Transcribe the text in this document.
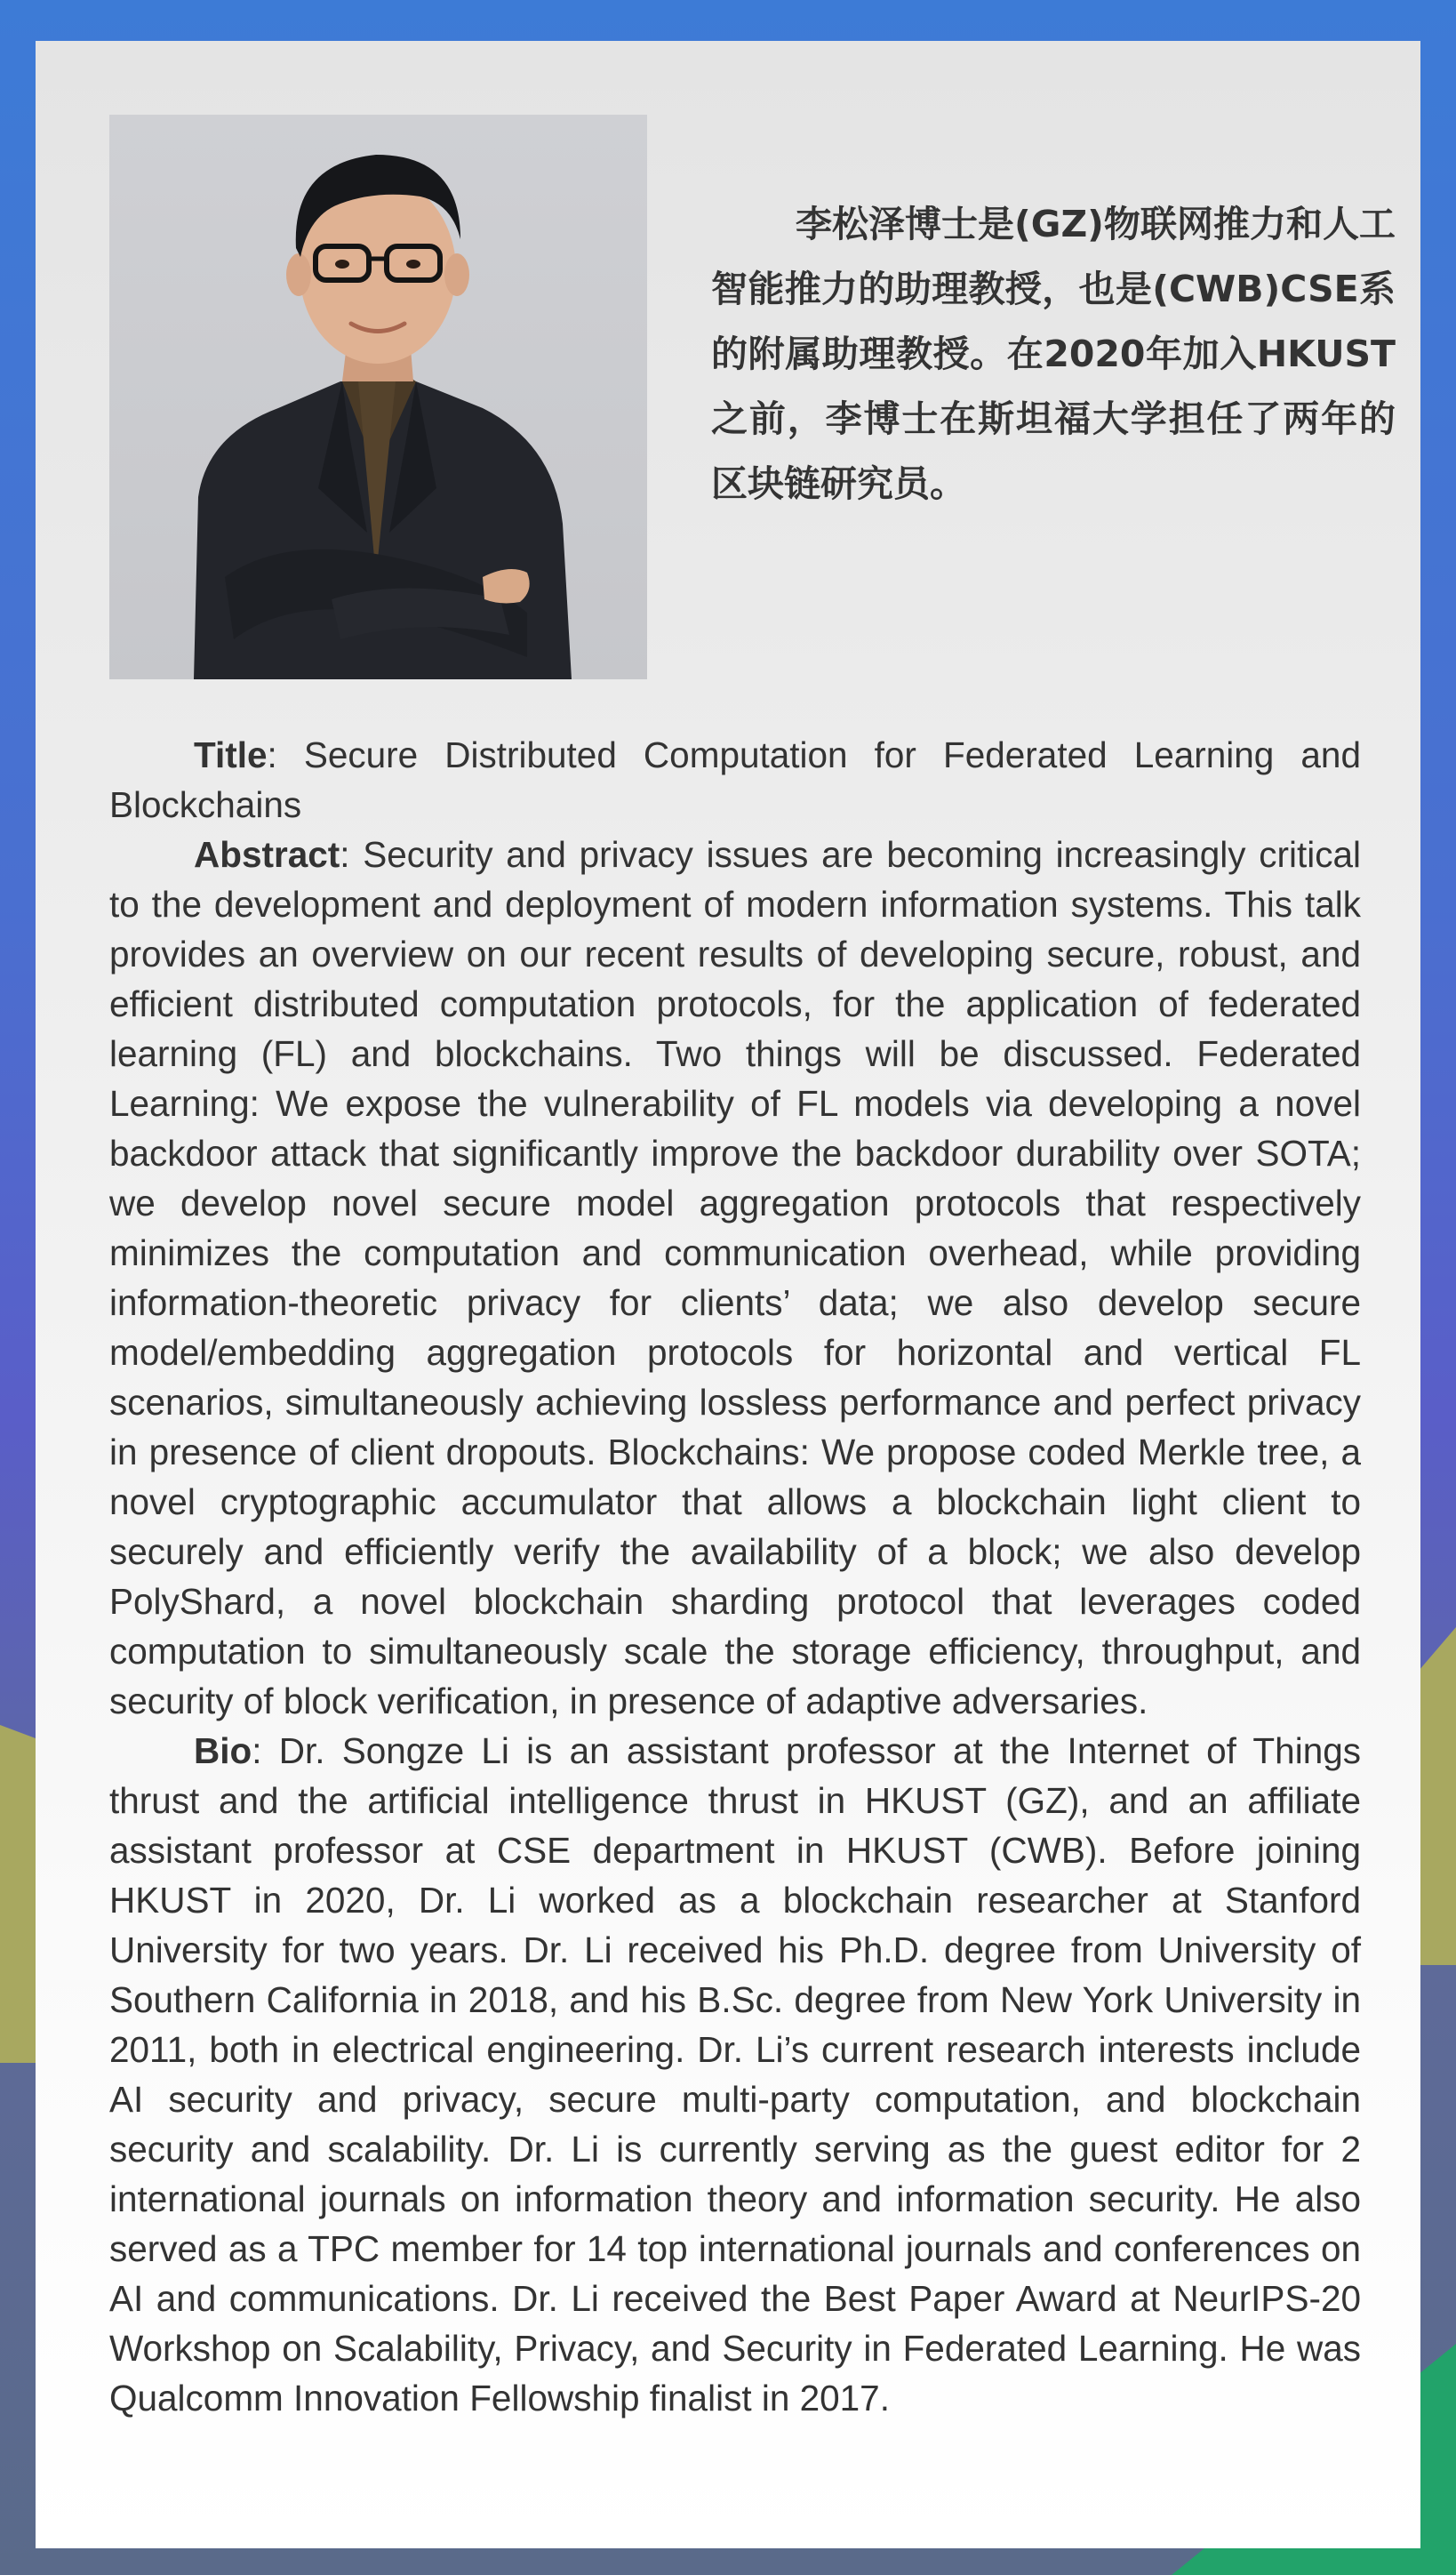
李松泽博士是(GZ)物联网推力和人工智能推力的助理教授，也是(CWB)CSE系的附属助理教授。在2020年加入HKUST之前，李博士在斯坦福大学担任了两年的区块链研究员。

Title: Secure Distributed Computation for Federated Learning and Blockchains

Abstract: Security and privacy issues are becoming increasingly critical to the development and deployment of modern information systems. This talk provides an overview on our recent results of developing secure, robust, and efficient distributed computation protocols, for the application of federated learning (FL) and blockchains. Two things will be discussed. Federated Learning: We expose the vulnerability of FL models via developing a novel backdoor attack that significantly improve the backdoor durability over SOTA; we develop novel secure model aggregation protocols that respectively minimizes the computation and communication overhead, while providing information-theoretic privacy for clients’ data; we also develop secure model/embedding aggregation protocols for horizontal and vertical FL scenarios, simultaneously achieving lossless performance and perfect privacy in presence of client dropouts. Blockchains: We propose coded Merkle tree, a novel cryptographic accumulator that allows a blockchain light client to securely and efficiently verify the availability of a block; we also develop PolyShard, a novel blockchain sharding protocol that leverages coded computation to simultaneously scale the storage efficiency, throughput, and security of block verification, in presence of adaptive adversaries.

Bio: Dr. Songze Li is an assistant professor at the Internet of Things thrust and the artificial intelligence thrust in HKUST (GZ), and an affiliate assistant professor at CSE department in HKUST (CWB). Before joining HKUST in 2020, Dr. Li worked as a blockchain researcher at Stanford University for two years. Dr. Li received his Ph.D. degree from University of Southern California in 2018, and his B.Sc. degree from New York University in 2011, both in electrical engineering. Dr. Li’s current research interests include AI security and privacy, secure multi-party computation, and blockchain security and scalability. Dr. Li is currently serving as the guest editor for 2 international journals on information theory and information security. He also served as a TPC member for 14 top international journals and conferences on AI and communications. Dr. Li received the Best Paper Award at NeurIPS-20 Workshop on Scalability, Privacy, and Security in Federated Learning. He was Qualcomm Innovation Fellowship finalist in 2017.
